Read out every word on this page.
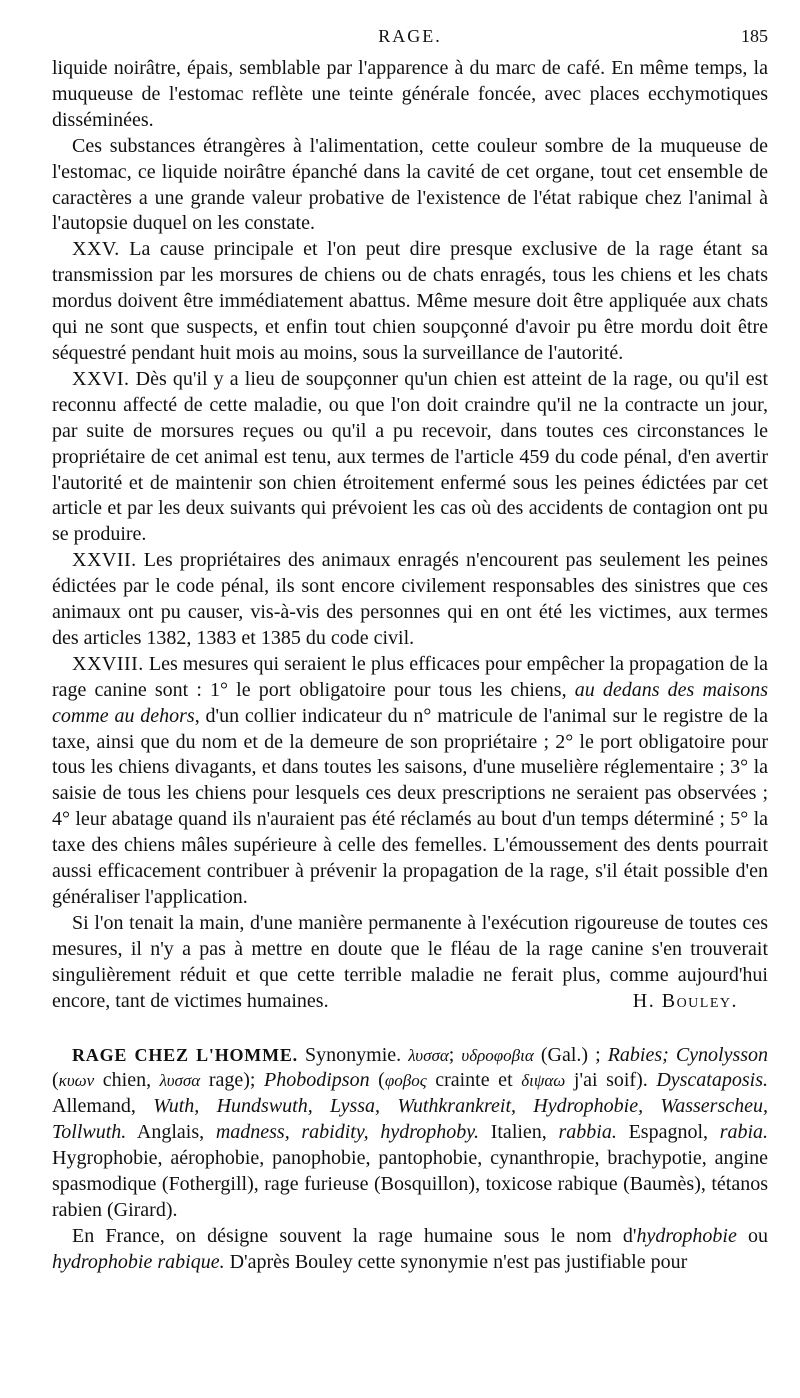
RAGE.	185

liquide noirâtre, épais, semblable par l'apparence à du marc de café. En même temps, la muqueuse de l'estomac reflète une teinte générale foncée, avec places ecchymotiques disséminées.

Ces substances étrangères à l'alimentation, cette couleur sombre de la muqueuse de l'estomac, ce liquide noirâtre épanché dans la cavité de cet organe, tout cet ensemble de caractères a une grande valeur probative de l'existence de l'état rabique chez l'animal à l'autopsie duquel on les constate.

XXV. La cause principale et l'on peut dire presque exclusive de la rage étant sa transmission par les morsures de chiens ou de chats enragés, tous les chiens et les chats mordus doivent être immédiatement abattus. Même mesure doit être appliquée aux chats qui ne sont que suspects, et enfin tout chien soupçonné d'avoir pu être mordu doit être séquestré pendant huit mois au moins, sous la surveillance de l'autorité.

XXVI. Dès qu'il y a lieu de soupçonner qu'un chien est atteint de la rage, ou qu'il est reconnu affecté de cette maladie, ou que l'on doit craindre qu'il ne la contracte un jour, par suite de morsures reçues ou qu'il a pu recevoir, dans toutes ces circonstances le propriétaire de cet animal est tenu, aux termes de l'article 459 du code pénal, d'en avertir l'autorité et de maintenir son chien étroitement enfermé sous les peines édictées par cet article et par les deux suivants qui prévoient les cas où des accidents de contagion ont pu se produire.

XXVII. Les propriétaires des animaux enragés n'encourent pas seulement les peines édictées par le code pénal, ils sont encore civilement responsables des sinistres que ces animaux ont pu causer, vis-à-vis des personnes qui en ont été les victimes, aux termes des articles 1382, 1383 et 1385 du code civil.

XXVIII. Les mesures qui seraient le plus efficaces pour empêcher la propagation de la rage canine sont : 1° le port obligatoire pour tous les chiens, au dedans des maisons comme au dehors, d'un collier indicateur du n° matricule de l'animal sur le registre de la taxe, ainsi que du nom et de la demeure de son propriétaire ; 2° le port obligatoire pour tous les chiens divagants, et dans toutes les saisons, d'une muselière réglementaire ; 3° la saisie de tous les chiens pour lesquels ces deux prescriptions ne seraient pas observées ; 4° leur abatage quand ils n'auraient pas été réclamés au bout d'un temps déterminé ; 5° la taxe des chiens mâles supérieure à celle des femelles. L'émoussement des dents pourrait aussi efficacement contribuer à prévenir la propagation de la rage, s'il était possible d'en généraliser l'application.

Si l'on tenait la main, d'une manière permanente à l'exécution rigoureuse de toutes ces mesures, il n'y a pas à mettre en doute que le fléau de la rage canine s'en trouverait singulièrement réduit et que cette terrible maladie ne ferait plus, comme aujourd'hui encore, tant de victimes humaines.	H. Bouley.

RAGE CHEZ L'HOMME. Synonymie. λυσσα; υδροφοβια (Gal.) ; Rabies; Cynolysson (κυων chien, λυσσα rage); Phobodipson (φοβος crainte et διψαω j'ai soif). Dyscataposis. Allemand, Wuth, Hundswuth, Lyssa, Wuthkrankreit, Hydrophobie, Wasserscheu, Tollwuth. Anglais, madness, rabidity, hydrophoby. Italien, rabbia. Espagnol, rabia. Hygrophobie, aérophobie, panophobie, pantophobie, cynanthropie, brachypotie, angine spasmodique (Fothergill), rage furieuse (Bosquillon), toxicose rabique (Baumès), tétanos rabien (Girard).

En France, on désigne souvent la rage humaine sous le nom d'hydrophobie ou hydrophobie rabique. D'après Bouley cette synonymie n'est pas justifiable pour
